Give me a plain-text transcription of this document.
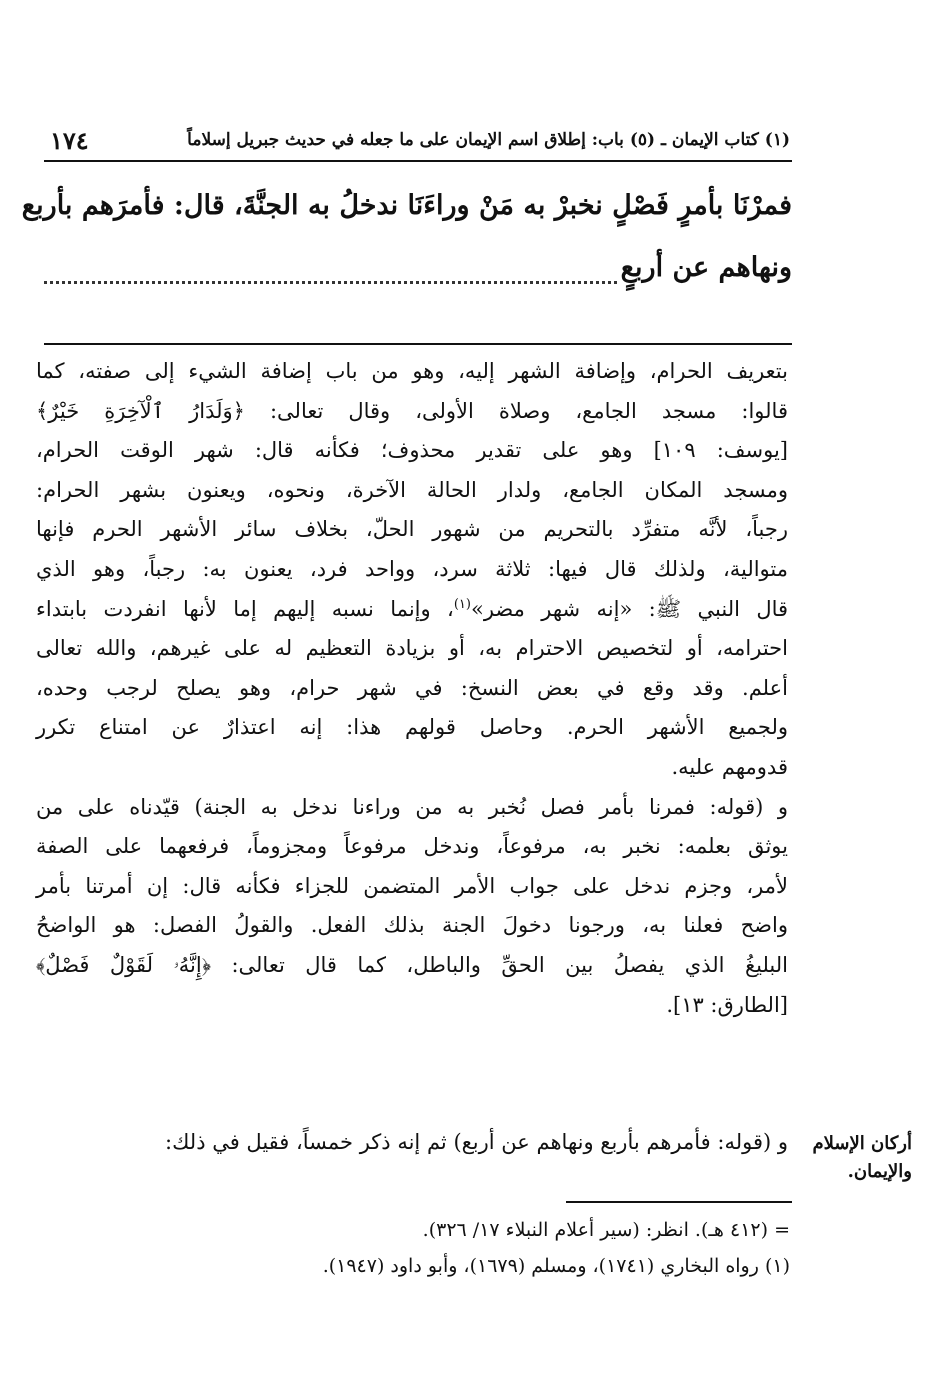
١٧٤	(١) كتاب الإيمان ـ (٥) باب: إطلاق اسم الإيمان على ما جعله في حديث جبريل إسلاماً
فمرْنَا بأمرٍ فَصْلٍ نخبرْ به مَنْ وراءَنَا ندخلُ به الجنَّةَ، قال: فأمرَهم بأربع
ونهاهم عن أربعٍ

بتعريف الحرام، وإضافة الشهر إليه، وهو من باب إضافة الشيء إلى صفته، كما
قالوا: مسجد الجامع، وصلاة الأولى، وقال تعالى: ﴿وَلَدَارُ ٱلْآخِرَةِ خَيْرٌ﴾
[يوسف: ١٠٩] وهو على تقدير محذوف؛ فكأنه قال: شهر الوقت الحرام،
ومسجد المكان الجامع، ولدار الحالة الآخرة، ونحوه، ويعنون بشهر الحرام:
رجباً، لأنَّه متفرِّد بالتحريم من شهور الحلّ، بخلاف سائر الأشهر الحرم فإنها
متوالية، ولذلك قال فيها: ثلاثة سرد، وواحد فرد، يعنون به: رجباً، وهو الذي
قال النبي ﷺ: «إنه شهر مضر»$^{(١)}$، وإنما نسبه إليهم إما لأنها انفردت بابتداء
احترامه، أو لتخصيص الاحترام به، أو بزيادة التعظيم له على غيرهم، والله تعالى
أعلم. وقد وقع في بعض النسخ: في شهر حرام، وهو يصلح لرجب وحده،
ولجميع الأشهر الحرم. وحاصل قولهم هذا: إنه اعتذارٌ عن امتناع تكرر
قدومهم عليه.

و (قوله: فمرنا بأمر فصل نُخبر به من وراءنا ندخل به الجنة) قيّدناه على من
يوثق بعلمه: نخبر به، مرفوعاً، وندخل مرفوعاً ومجزوماً، فرفعهما على الصفة
لأمر، وجزم ندخل على جواب الأمر المتضمن للجزاء فكأنه قال: إن أمرتنا بأمر
واضح فعلنا به، ورجونا دخولَ الجنة بذلك الفعل. والقولُ الفصل: هو الواضحُ
البليغُ الذي يفصلُ بين الحقِّ والباطل، كما قال تعالى: ﴿إِنَّهُۥ لَقَوْلٌ فَصْلٌ﴾
[الطارق: ١٣].

و (قوله: فأمرهم بأربع ونهاهم عن أربع) ثم إنه ذكر خمساً، فقيل في ذلك:	أركان الإسلام
والإيمان.
= (٤١٢ هـ). انظر: (سير أعلام النبلاء ١٧/ ٣٢٦).
(١) رواه البخاري (١٧٤١)، ومسلم (١٦٧٩)، وأبو داود (١٩٤٧).
